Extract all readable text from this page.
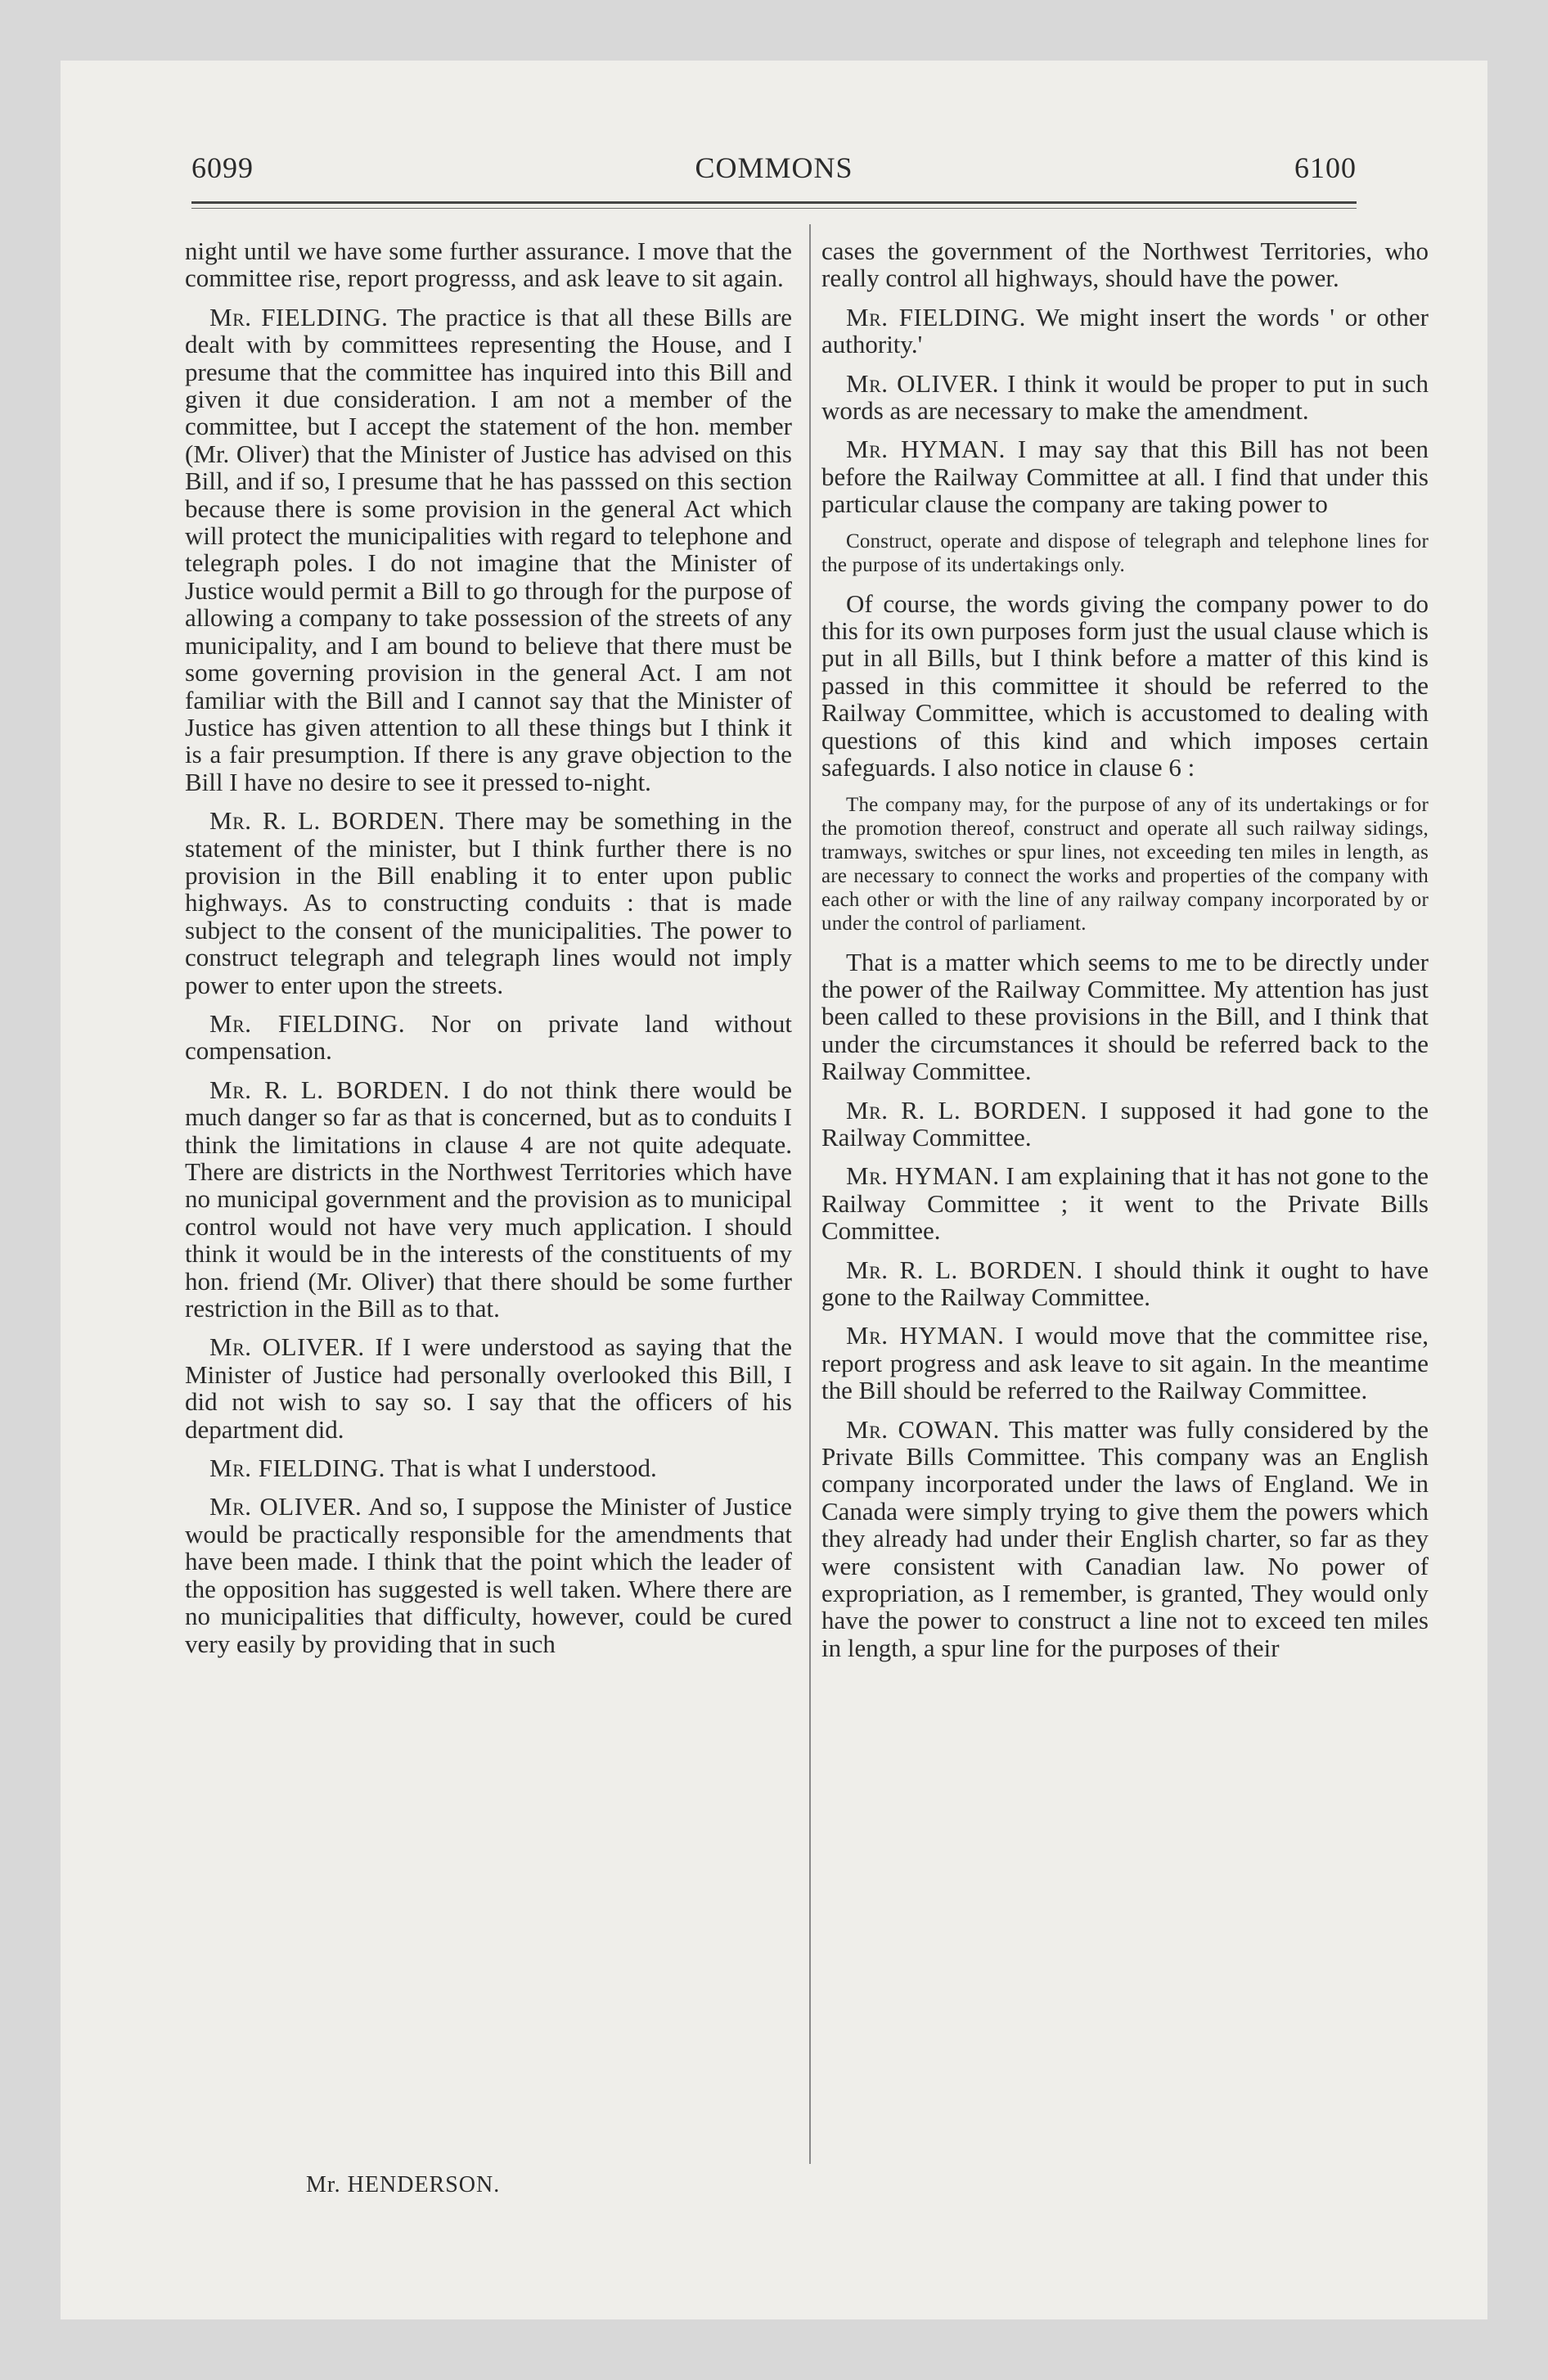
6099	COMMONS	6100

night until we have some further assurance. I move that the committee rise, report progresss, and ask leave to sit again.

Mr. FIELDING. The practice is that all these Bills are dealt with by committees representing the House, and I presume that the committee has inquired into this Bill and given it due consideration. I am not a member of the committee, but I accept the statement of the hon. member (Mr. Oliver) that the Minister of Justice has advised on this Bill, and if so, I presume that he has passsed on this section because there is some provision in the general Act which will protect the municipalities with regard to telephone and telegraph poles. I do not imagine that the Minister of Justice would permit a Bill to go through for the purpose of allowing a company to take possession of the streets of any municipality, and I am bound to believe that there must be some governing provision in the general Act. I am not familiar with the Bill and I cannot say that the Minister of Justice has given attention to all these things but I think it is a fair presumption. If there is any grave objection to the Bill I have no desire to see it pressed to-night.

Mr. R. L. BORDEN. There may be something in the statement of the minister, but I think further there is no provision in the Bill enabling it to enter upon public highways. As to constructing conduits : that is made subject to the consent of the municipalities. The power to construct telegraph and telegraph lines would not imply power to enter upon the streets.

Mr. FIELDING. Nor on private land without compensation.

Mr. R. L. BORDEN. I do not think there would be much danger so far as that is concerned, but as to conduits I think the limitations in clause 4 are not quite adequate. There are districts in the Northwest Territories which have no municipal government and the provision as to municipal control would not have very much application. I should think it would be in the interests of the constituents of my hon. friend (Mr. Oliver) that there should be some further restriction in the Bill as to that.

Mr. OLIVER. If I were understood as saying that the Minister of Justice had personally overlooked this Bill, I did not wish to say so. I say that the officers of his department did.

Mr. FIELDING. That is what I understood.

Mr. OLIVER. And so, I suppose the Minister of Justice would be practically responsible for the amendments that have been made. I think that the point which the leader of the opposition has suggested is well taken. Where there are no municipalities that difficulty, however, could be cured very easily by providing that in such

cases the government of the Northwest Territories, who really control all highways, should have the power.

Mr. FIELDING. We might insert the words ' or other authority.'

Mr. OLIVER. I think it would be proper to put in such words as are necessary to make the amendment.

Mr. HYMAN. I may say that this Bill has not been before the Railway Committee at all. I find that under this particular clause the company are taking power to

Construct, operate and dispose of telegraph and telephone lines for the purpose of its undertakings only.

Of course, the words giving the company power to do this for its own purposes form just the usual clause which is put in all Bills, but I think before a matter of this kind is passed in this committee it should be referred to the Railway Committee, which is accustomed to dealing with questions of this kind and which imposes certain safeguards. I also notice in clause 6 :

The company may, for the purpose of any of its undertakings or for the promotion thereof, construct and operate all such railway sidings, tramways, switches or spur lines, not exceeding ten miles in length, as are necessary to connect the works and properties of the company with each other or with the line of any railway company incorporated by or under the control of parliament.

That is a matter which seems to me to be directly under the power of the Railway Committee. My attention has just been called to these provisions in the Bill, and I think that under the circumstances it should be referred back to the Railway Committee.

Mr. R. L. BORDEN. I supposed it had gone to the Railway Committee.

Mr. HYMAN. I am explaining that it has not gone to the Railway Committee ; it went to the Private Bills Committee.

Mr. R. L. BORDEN. I should think it ought to have gone to the Railway Committee.

Mr. HYMAN. I would move that the committee rise, report progress and ask leave to sit again. In the meantime the Bill should be referred to the Railway Committee.

Mr. COWAN. This matter was fully considered by the Private Bills Committee. This company was an English company incorporated under the laws of England. We in Canada were simply trying to give them the powers which they already had under their English charter, so far as they were consistent with Canadian law. No power of expropriation, as I remember, is granted, They would only have the power to construct a line not to exceed ten miles in length, a spur line for the purposes of their

Mr. HENDERSON.
